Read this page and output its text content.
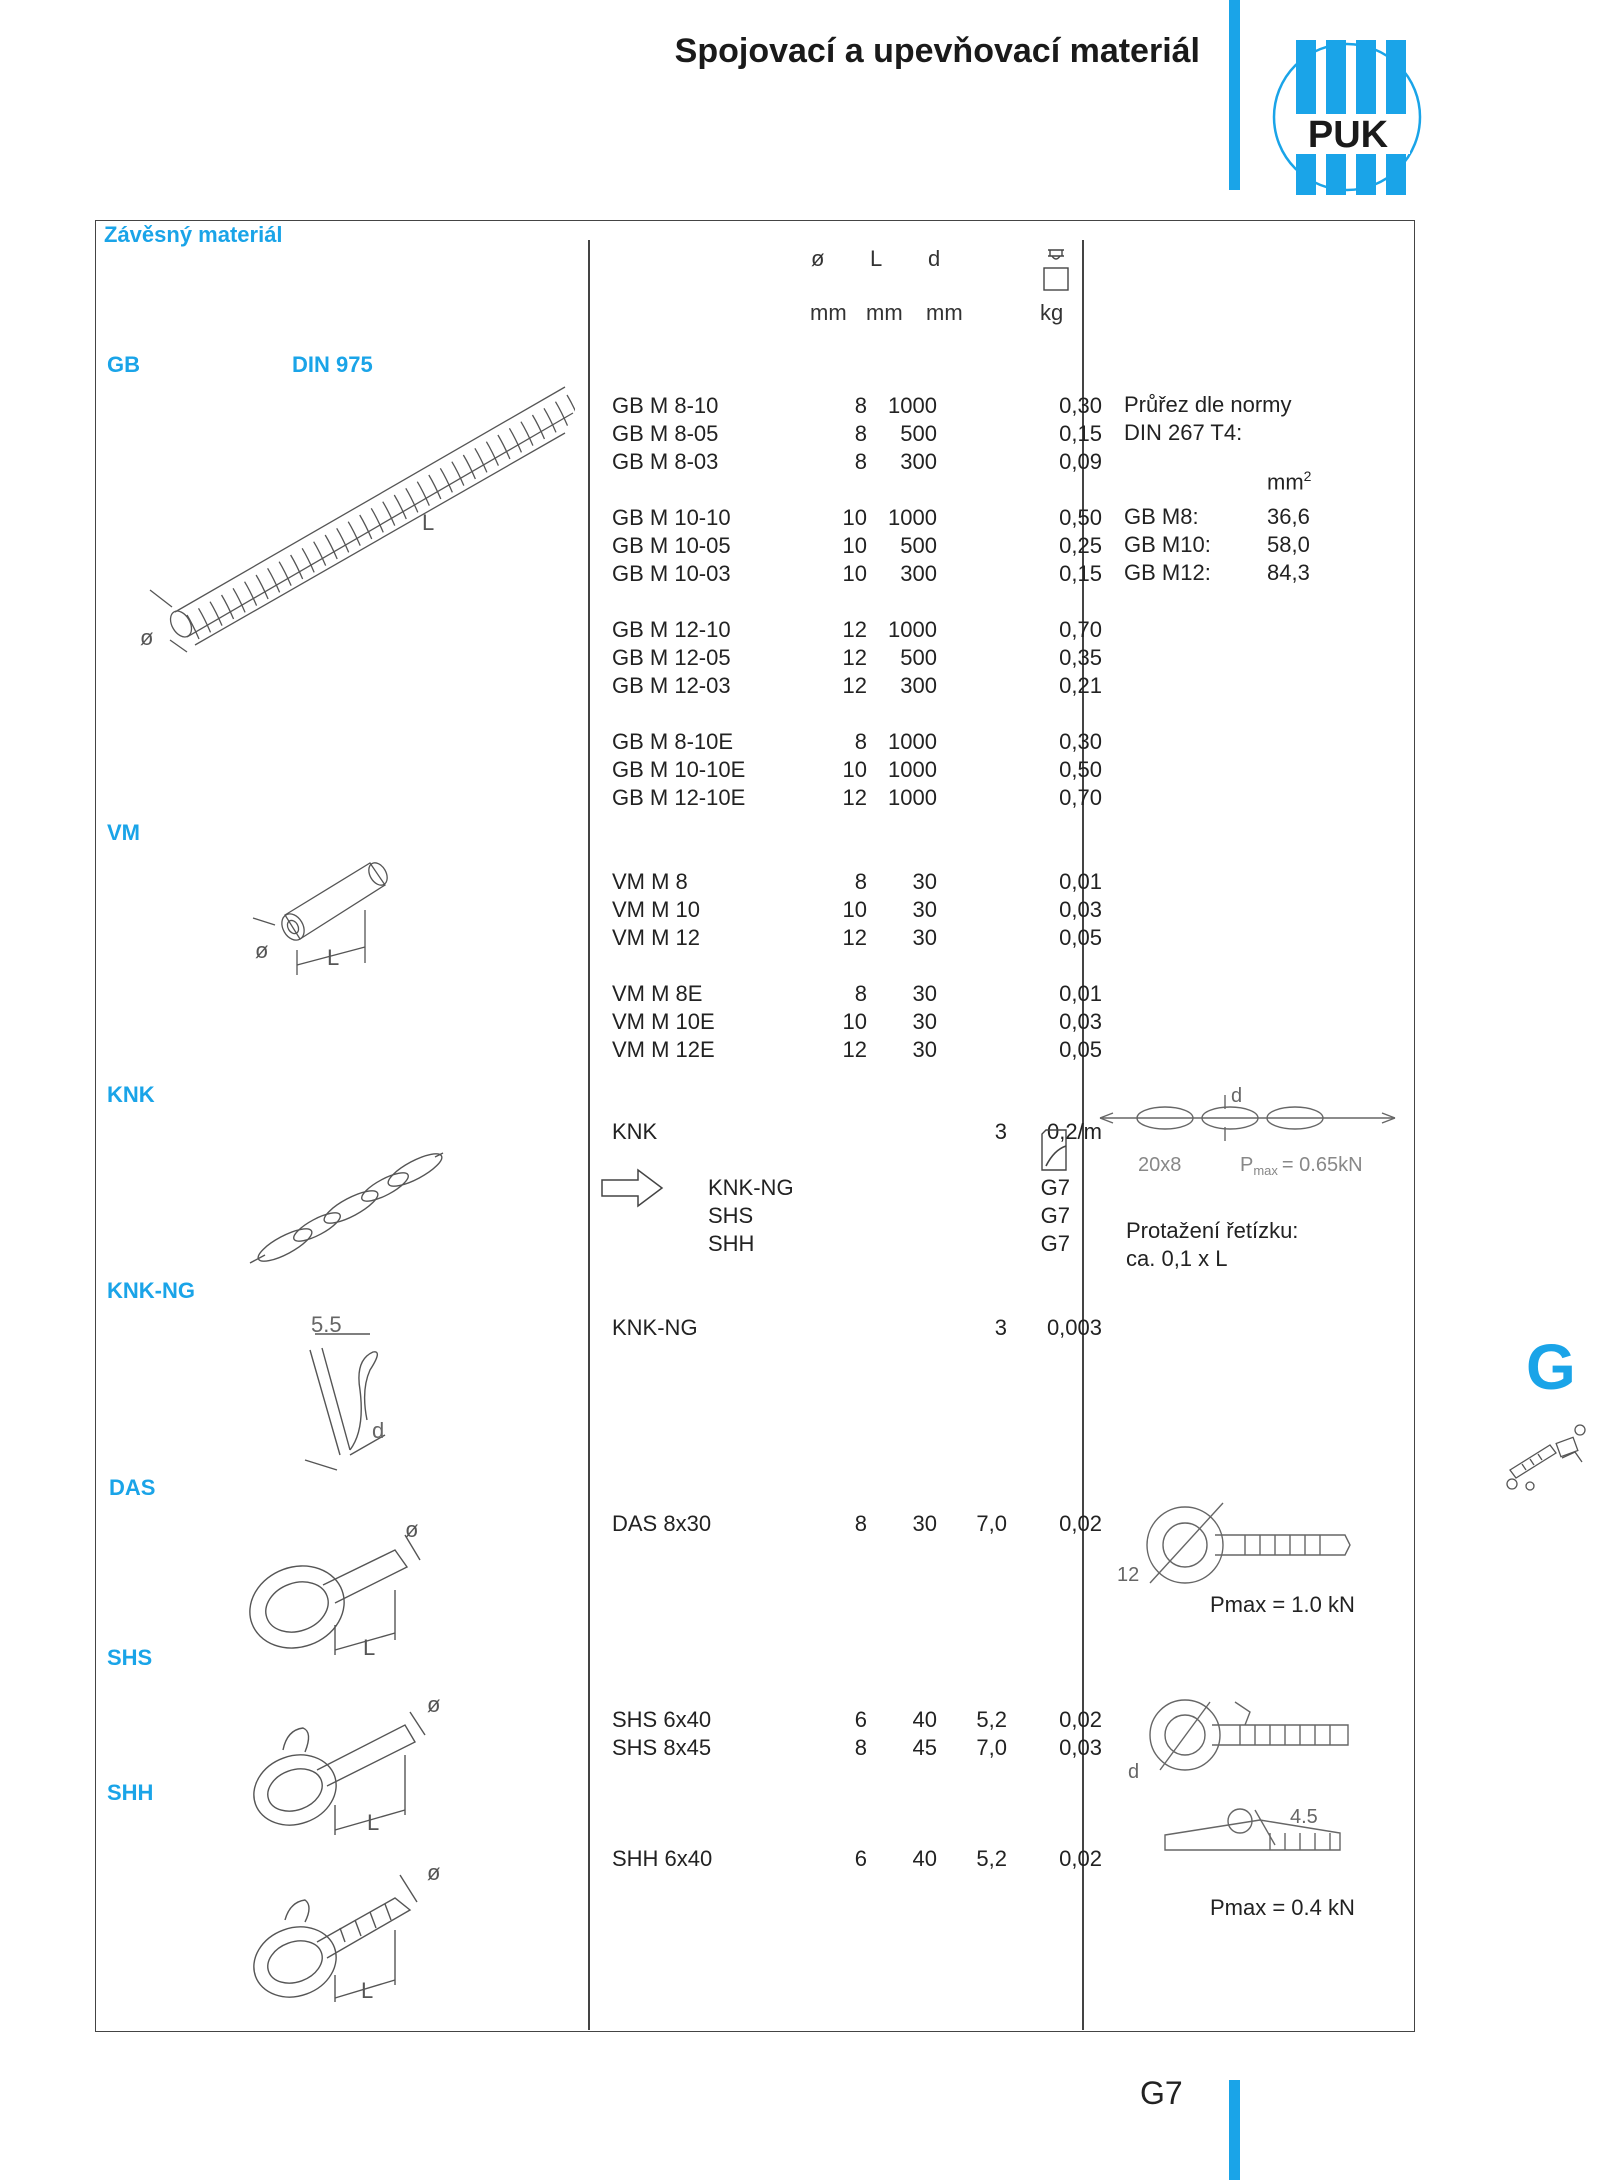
Spojovací a upevňovací materiál
PUK
Závěsný materiál
ø L d
mm mm mm	kg
GB	DIN 975
VM
KNK
KNK-NG
DAS
SHS
SHH
GB M 8-10	8 1000	0,30
GB M 8-05	8	500	0,15
GB M 8-03	8	300	0,09
GB M 10-10	10 1000	0,50
GB M 10-05	10	500	0,25
GB M 10-03	10	300	0,15
GB M 12-10	12 1000	0,70
GB M 12-05	12	500	0,35
GB M 12-03	12	300	0,21
GB M 8-10E	8 1000	0,30
GB M 10-10E	10 1000	0,50
GB M 12-10E	12 1000	0,70
VM M 8	8	30	0,01
VM M 10	10	30	0,03
VM M 12	12	30	0,05
VM M 8E	8	30	0,01
VM M 10E	10	30	0,03
VM M 12E	12	30	0,05
KNK	3	0,2/m
KNK-NG	3	0,003
DAS 8x30	8	30	7,0	0,02
SHS 6x40	6	40	5,2	0,02
SHS 8x45	8	45	7,0	0,03
SHH 6x40	6	40	5,2	0,02
KNK-NG	G7
SHS	G7
SHH	G7
Průřez dle normy
DIN 267 T4:
$mm^2$
GB M8:	36,6
GB M10:	58,0
GB M12:	84,3
Protažení řetízku:
ca. 0,1 x L
Pmax = 1.0 kN
Pmax = 0.4 kN
ø
L
ø	L
5.5
d
d
20x8	$P_{max} = 0.65kN$
ø
L
ø
L
ø
L
12
d
4.5
G
G7
